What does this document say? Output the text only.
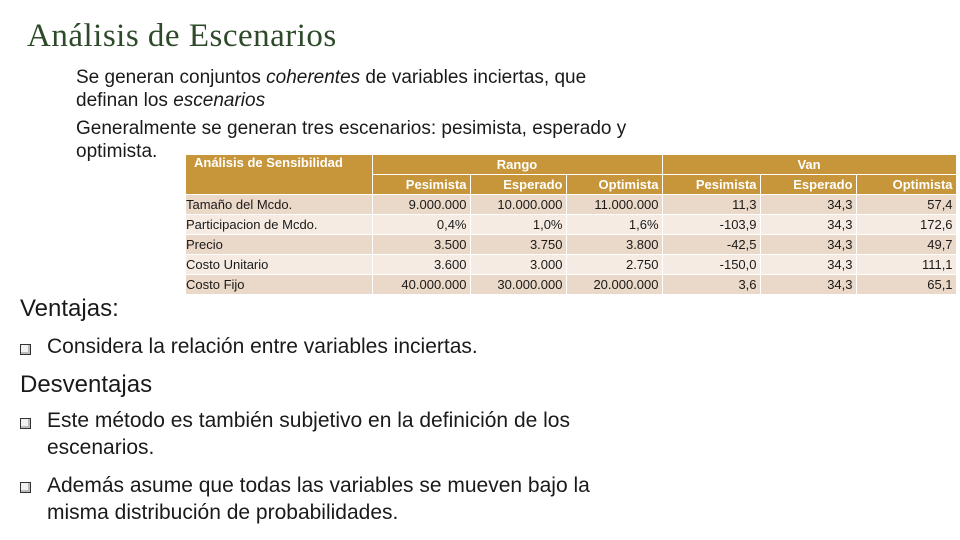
Análisis de Escenarios

Se generan conjuntos coherentes de variables inciertas, que
definan los escenarios

Generalmente se generan tres escenarios: pesimista, esperado y optimista.

Análisis de Sensibilidad	Rango			Van		
	Pesimista	Esperado	Optimista	Pesimista	Esperado	Optimista
Tamaño del Mcdo.	9.000.000	10.000.000	11.000.000	11,3	34,3	57,4
Participacion de Mcdo.	0,4%	1,0%	1,6%	-103,9	34,3	172,6
Precio	3.500	3.750	3.800	-42,5	34,3	49,7
Costo Unitario	3.600	3.000	2.750	-150,0	34,3	111,1
Costo Fijo	40.000.000	30.000.000	20.000.000	3,6	34,3	65,1
Ventajas:
Considera la relación entre variables inciertas.
Desventajas
Este método es también subjetivo en la definición de los escenarios.
Además asume que todas las variables se mueven bajo la misma distribución de probabilidades.
